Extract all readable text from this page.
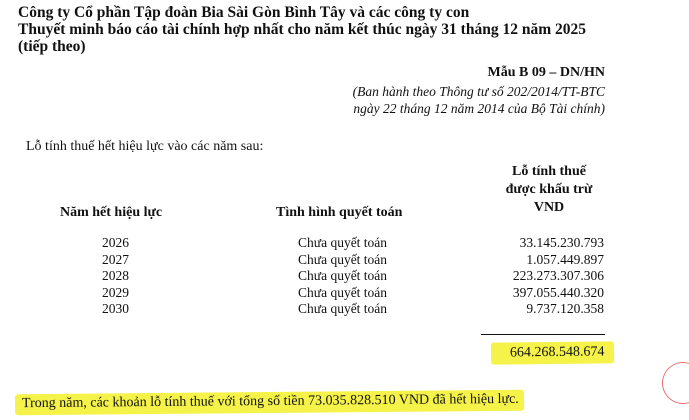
Công ty Cổ phần Tập đoàn Bia Sài Gòn Bình Tây và các công ty con
Thuyết minh báo cáo tài chính hợp nhất cho năm kết thúc ngày 31 tháng 12 năm 2025
(tiếp theo)
Mẫu B 09 – DN/HN
(Ban hành theo Thông tư số 202/2014/TT-BTC
ngày 22 tháng 12 năm 2014 của Bộ Tài chính)
Lỗ tính thuế hết hiệu lực vào các năm sau:
Năm hết hiệu lực	Tình hình quyết toán
Lỗ tính thuế
được khấu trừ
VND
2026	Chưa quyết toán	33.145.230.793
2027	Chưa quyết toán	1.057.449.897
2028	Chưa quyết toán	223.273.307.306
2029	Chưa quyết toán	397.055.440.320
2030	Chưa quyết toán	9.737.120.358
664.268.548.674
Trong năm, các khoản lỗ tính thuế với tổng số tiền 73.035.828.510 VND đã hết hiệu lực.
